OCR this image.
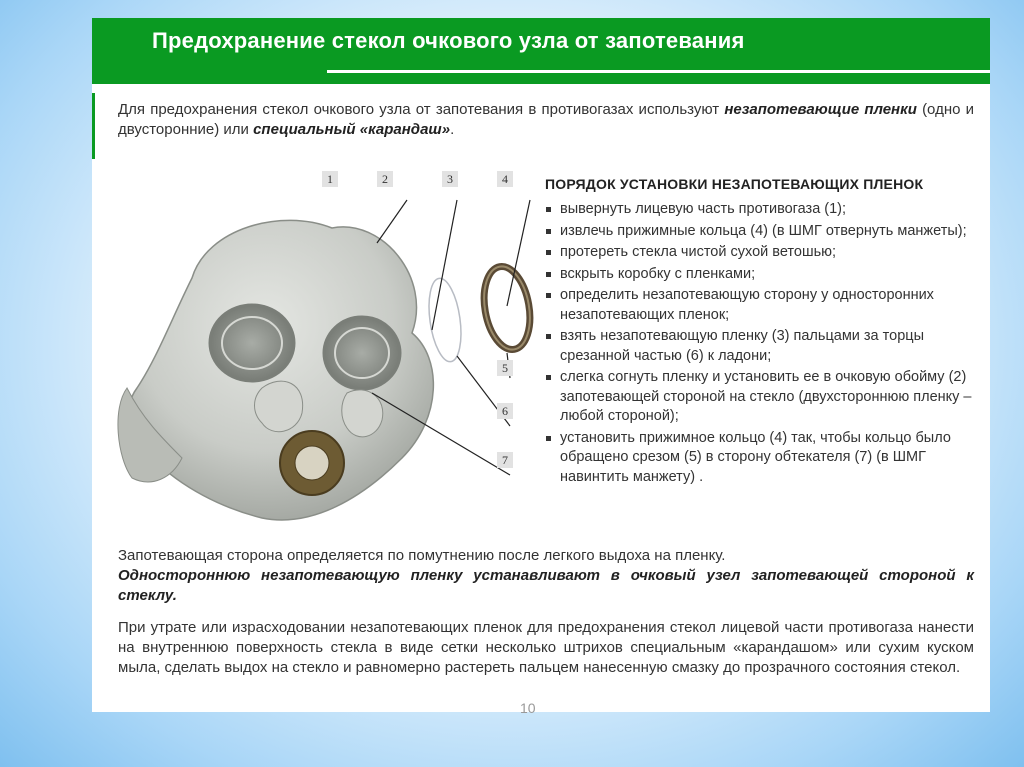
Предохранение стекол очкового узла от запотевания

Для предохранения стекол очкового узла от запотевания в противогазах используют незапотевающие пленки (одно и двусторонние) или специальный «карандаш».

1	2	3	4
5
6
7
ПОРЯДОК УСТАНОВКИ НЕЗАПОТЕВАЮЩИХ ПЛЕНОК
вывернуть лицевую часть противогаза (1);
извлечь прижимные кольца (4) (в ШМГ отвернуть манжеты);
протереть стекла чистой сухой ветошью;
вскрыть коробку с пленками;
определить незапотевающую сторону у односторонних незапотевающих пленок;
взять незапотевающую пленку (3) пальцами за торцы срезанной частью (6) к ладони;
слегка согнуть пленку и установить ее в очковую обойму (2) запотевающей стороной на стекло (двухстороннюю пленку – любой стороной);
установить прижимное кольцо (4) так, чтобы кольцо было обращено срезом (5) в сторону обтекателя (7) (в ШМГ навинтить манжету) .

Запотевающая сторона определяется по помутнению после легкого выдоха на пленку.

Одностороннюю незапотевающую пленку устанавливают в очковый узел запотевающей стороной к стеклу.

При утрате или израсходовании незапотевающих пленок для предохранения стекол лицевой части противогаза нанести на внутреннюю поверхность стекла в виде сетки несколько штрихов специальным «карандашом» или сухим куском мыла, сделать выдох на стекло и равномерно растереть пальцем нанесенную смазку до прозрачного состояния стекол.

10
